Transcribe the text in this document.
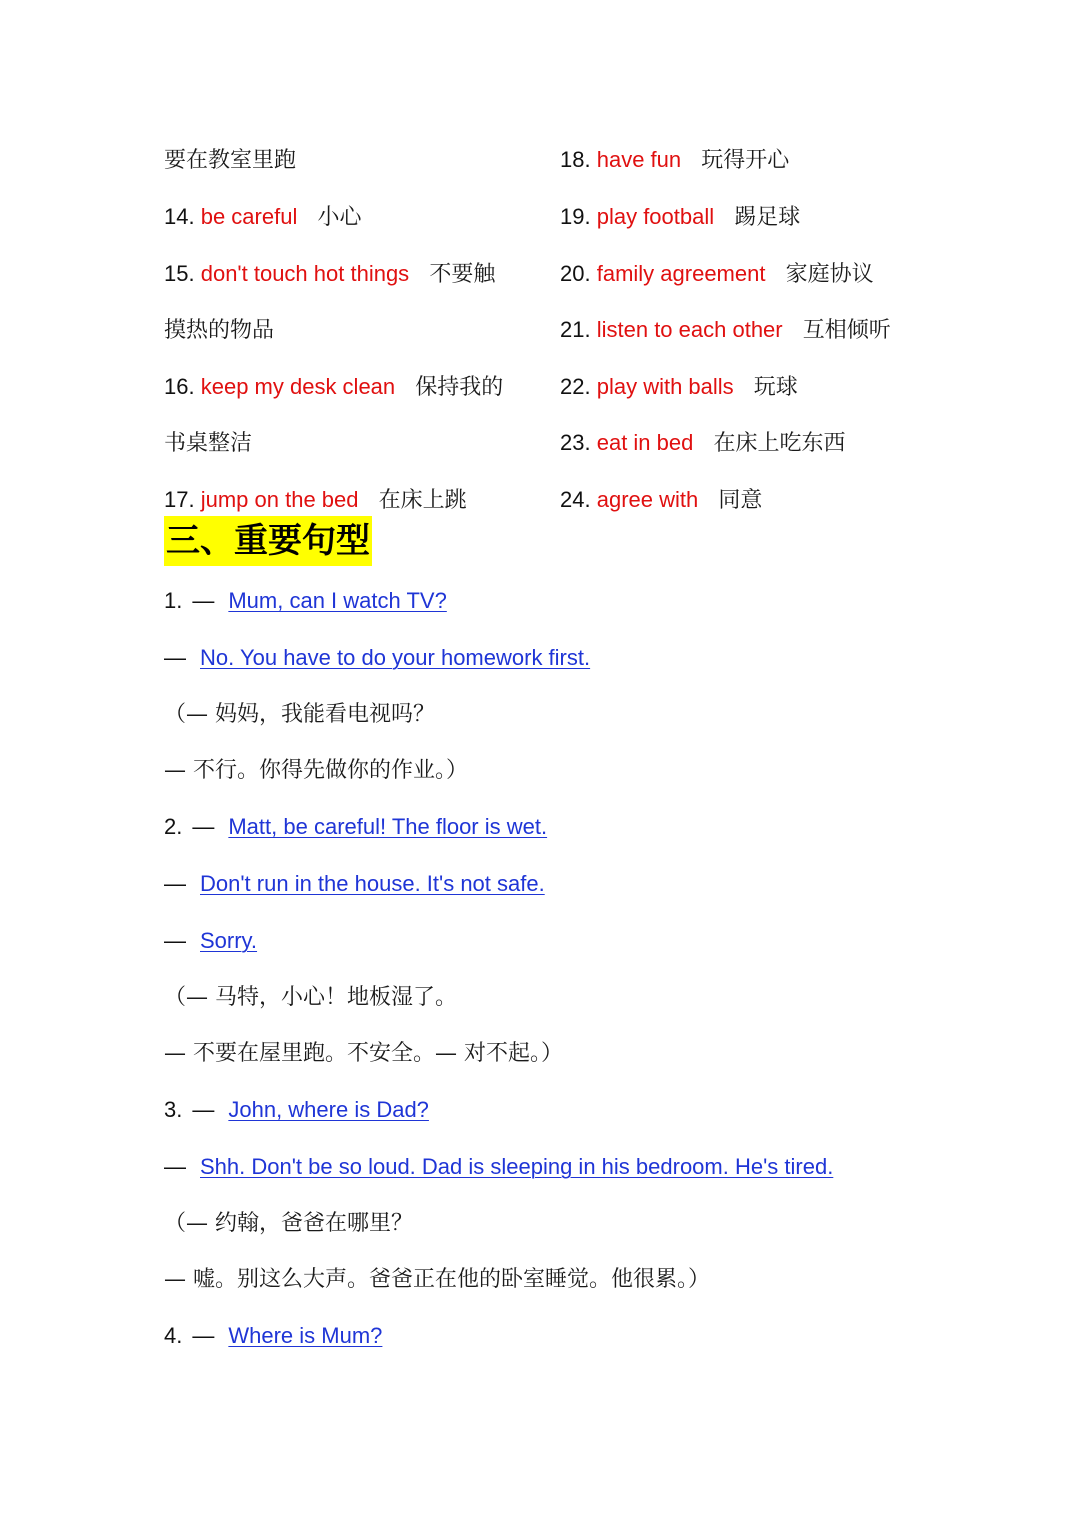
要在教室里跑
14. be careful 小心
15. don't touch hot things 不要触
摸热的物品
16. keep my desk clean 保持我的
书桌整洁
17. jump on the bed 在床上跳
18. have fun 玩得开心
19. play football 踢足球
20. family agreement 家庭协议
21. listen to each other 互相倾听
22. play with balls 玩球
23. eat in bed 在床上吃东西
24. agree with 同意
三、重要句型
1. — Mum, can I watch TV?
— No. You have to do your homework first.
（— 妈妈，我能看电视吗？
— 不行。你得先做你的作业。）
2. — Matt, be careful! The floor is wet.
— Don't run in the house. It's not safe.
— Sorry.
（— 马特，小心！地板湿了。
— 不要在屋里跑。不安全。— 对不起。）
3. — John, where is Dad?
— Shh. Don't be so loud. Dad is sleeping in his bedroom. He's tired.
（— 约翰，爸爸在哪里？
— 嘘。别这么大声。爸爸正在他的卧室睡觉。他很累。）
4. — Where is Mum?
